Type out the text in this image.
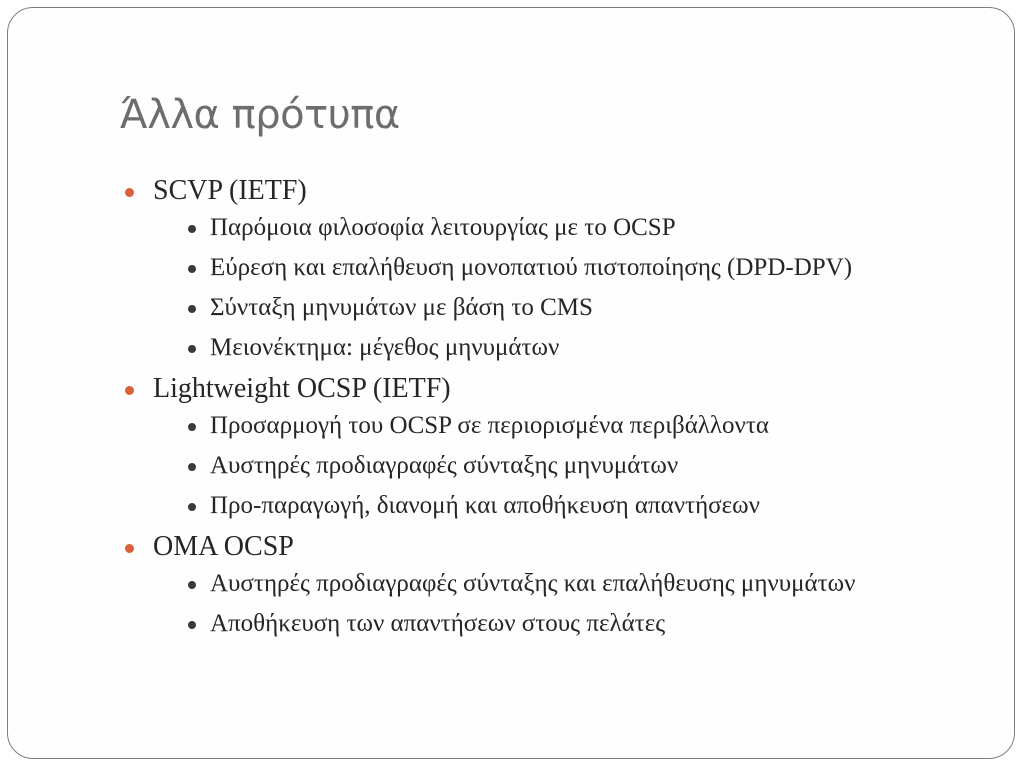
Άλλα πρότυπα
SCVP (IETF)
Παρόμοια φιλοσοφία λειτουργίας με το OCSP
Εύρεση και επαλήθευση μονοπατιού πιστοποίησης (DPD-DPV)
Σύνταξη μηνυμάτων με βάση το CMS
Μειονέκτημα: μέγεθος μηνυμάτων
Lightweight OCSP (IETF)
Προσαρμογή του OCSP σε περιορισμένα περιβάλλοντα
Αυστηρές προδιαγραφές σύνταξης μηνυμάτων
Προ-παραγωγή, διανομή και αποθήκευση απαντήσεων
OMA OCSP
Αυστηρές προδιαγραφές σύνταξης και επαλήθευσης μηνυμάτων
Αποθήκευση των απαντήσεων στους πελάτες
